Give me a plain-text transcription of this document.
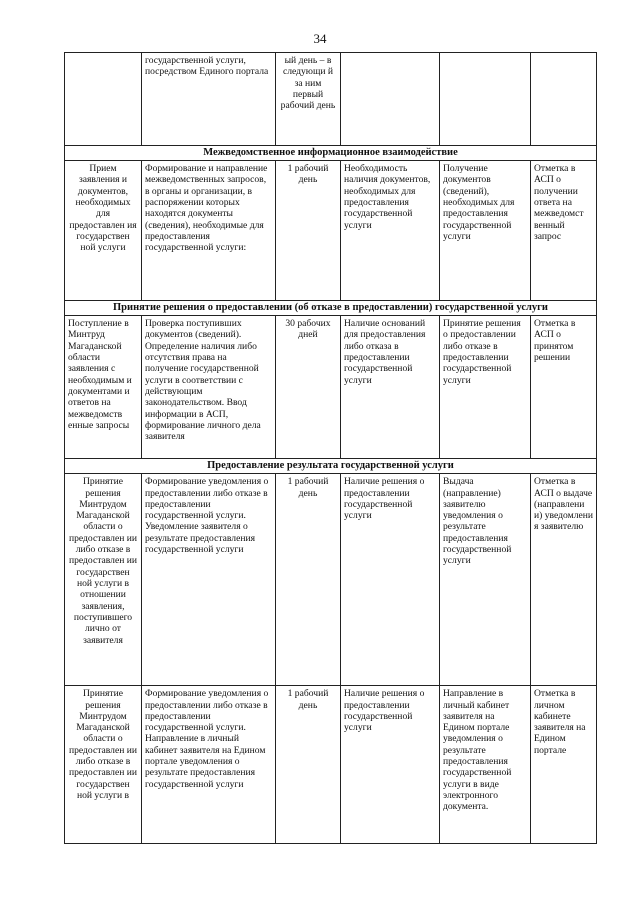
34
	государственной услуги, посредством Единого портала	ый день – в следующи й за ним первый рабочий день			
Межведомственное информационное взаимодействие					
Прием заявления и документов, необходимых для предоставлен ия государствен ной услуги	Формирование и направление межведомственных запросов, в органы и организации, в распоряжении которых находятся документы (сведения), необходимые для предоставления государственной услуги:	1 рабочий день	Необходимость наличия документов, необходимых для предоставления государственной услуги	Получение документов (сведений), необходимых для предоставления государственной услуги	Отметка в АСП о получении ответа на межведомст венный запрос
Принятие решения о предоставлении (об отказе в предоставлении) государственной услуги					
Поступление в Минтруд Магаданской области заявления с необходимым и документами и ответов на межведомств енные запросы	Проверка поступивших документов (сведений). Определение наличия либо отсутствия права на получение государственной услуги в соответствии с действующим законодательством. Ввод информации в АСП, формирование личного дела заявителя	30 рабочих дней	Наличие оснований для предоставления либо отказа в предоставлении государственной услуги	Принятие решения о предоставлении либо отказе в предоставлении государственной услуги	Отметка в АСП о принятом решении
Предоставление результата государственной услуги					
Принятие решения Минтрудом Магаданской области о предоставлен ии либо отказе в предоставлен ии государствен ной услуги в отношении заявления, поступившего лично от заявителя	Формирование уведомления о предоставлении либо отказе в предоставлении государственной услуги. Уведомление заявителя о результате предоставления государственной услуги	1 рабочий день	Наличие решения о предоставлении государственной услуги	Выдача (направление) заявителю уведомления о результате предоставления государственной услуги	Отметка в АСП о выдаче (направлени и) уведомлени я заявителю
Принятие решения Минтрудом Магаданской области о предоставлен ии либо отказе в предоставлен ии государствен ной услуги в	Формирование уведомления о предоставлении либо отказе в предоставлении государственной услуги. Направление в личный кабинет заявителя на Едином портале уведомления о результате предоставления государственной услуги	1 рабочий день	Наличие решения о предоставлении государственной услуги	Направление в личный кабинет заявителя на Едином портале уведомления о результате предоставления государственной услуги в виде электронного документа.	Отметка в личном кабинете заявителя на Едином портале
